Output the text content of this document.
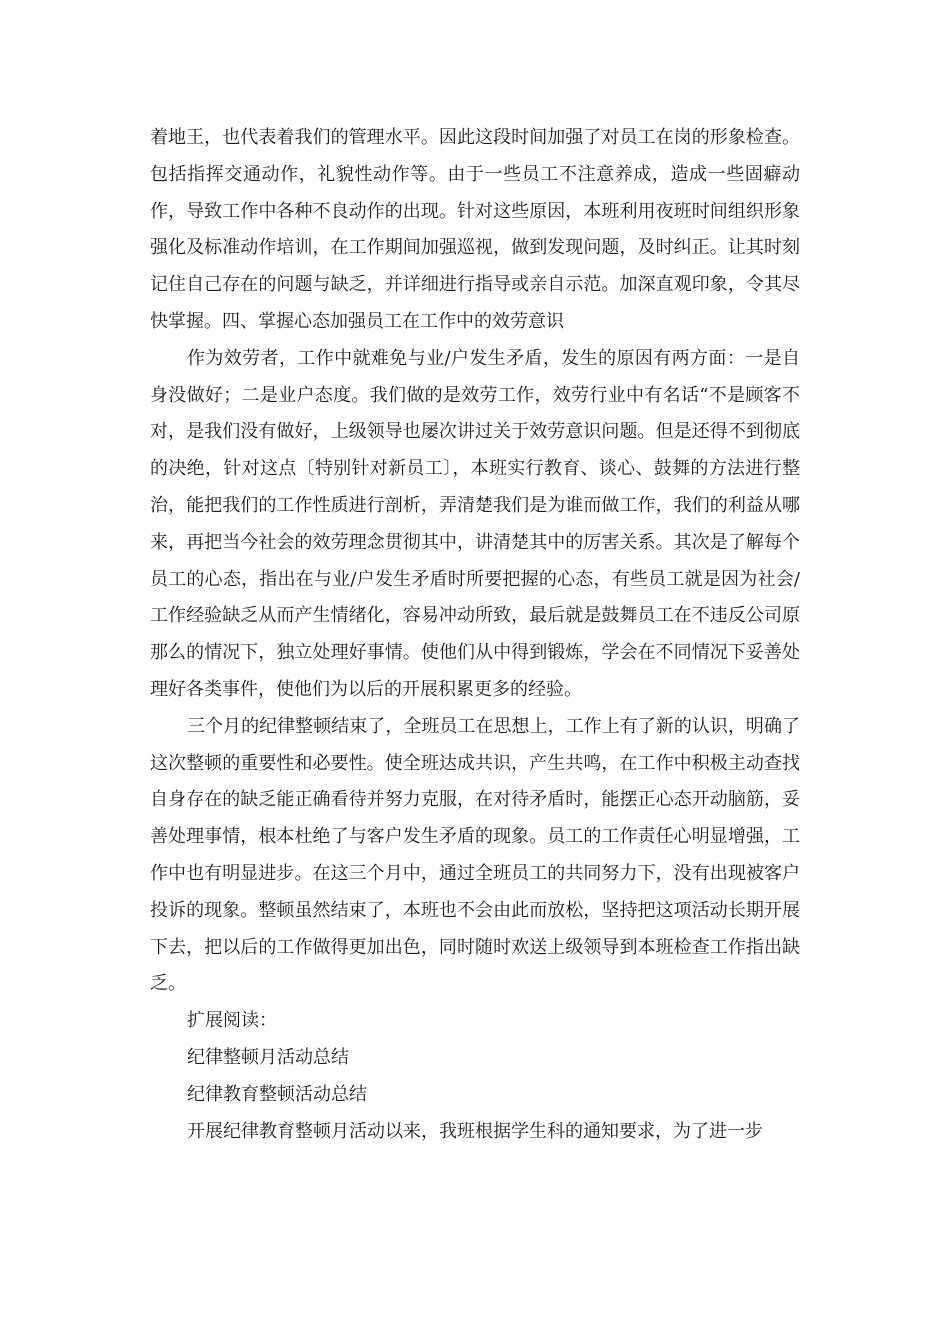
着地王，也代表着我们的管理水平。因此这段时间加强了对员工在岗的形象检查。包括指挥交通动作，礼貌性动作等。由于一些员工不注意养成，造成一些固癖动作，导致工作中各种不良动作的出现。针对这些原因，本班利用夜班时间组织形象强化及标准动作培训，在工作期间加强巡视，做到发现问题，及时纠正。让其时刻记住自己存在的问题与缺乏，并详细进行指导或亲自示范。加深直观印象，令其尽快掌握。四、掌握心态加强员工在工作中的效劳意识

作为效劳者，工作中就难免与业/户发生矛盾，发生的原因有两方面：一是自身没做好；二是业户态度。我们做的是效劳工作，效劳行业中有名话“不是顾客不对，是我们没有做好，上级领导也屡次讲过关于效劳意识问题。但是还得不到彻底的决绝，针对这点〔特别针对新员工〕，本班实行教育、谈心、鼓舞的方法进行整治，能把我们的工作性质进行剖析，弄清楚我们是为谁而做工作，我们的利益从哪来，再把当今社会的效劳理念贯彻其中，讲清楚其中的厉害关系。其次是了解每个员工的心态，指出在与业/户发生矛盾时所要把握的心态，有些员工就是因为社会/工作经验缺乏从而产生情绪化，容易冲动所致，最后就是鼓舞员工在不违反公司原那么的情况下，独立处理好事情。使他们从中得到锻炼，学会在不同情况下妥善处理好各类事件，使他们为以后的开展积累更多的经验。

三个月的纪律整顿结束了，全班员工在思想上，工作上有了新的认识，明确了这次整顿的重要性和必要性。使全班达成共识，产生共鸣，在工作中积极主动查找自身存在的缺乏能正确看待并努力克服，在对待矛盾时，能摆正心态开动脑筋，妥善处理事情，根本杜绝了与客户发生矛盾的现象。员工的工作责任心明显增强，工作中也有明显进步。在这三个月中，通过全班员工的共同努力下，没有出现被客户投诉的现象。整顿虽然结束了，本班也不会由此而放松，坚持把这项活动长期开展下去，把以后的工作做得更加出色，同时随时欢送上级领导到本班检查工作指出缺乏。

扩展阅读：

纪律整顿月活动总结

纪律教育整顿活动总结

开展纪律教育整顿月活动以来，我班根据学生科的通知要求，为了进一步
